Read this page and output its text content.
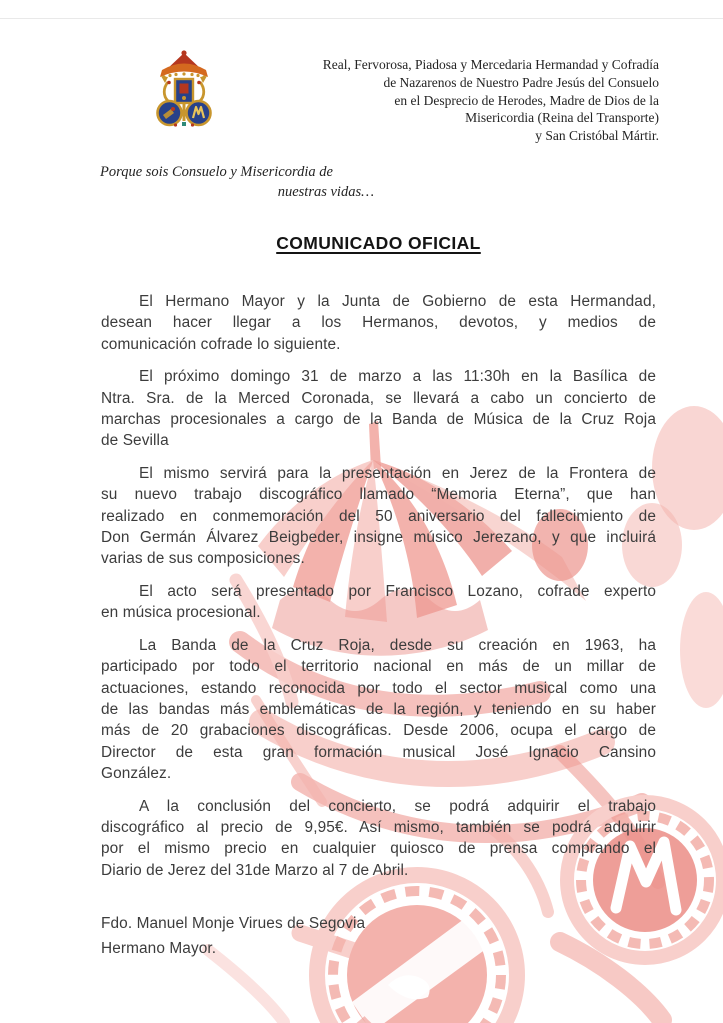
Real, Fervorosa, Piadosa y Mercedaria Hermandad y Cofradía
de Nazarenos de Nuestro Padre Jesús del Consuelo
en el Desprecio de Herodes, Madre de Dios de la
Misericordia (Reina del Transporte)
y San Cristóbal Mártir.
Porque sois Consuelo y Misericordia de
nuestras vidas…
COMUNICADO OFICIAL

El Hermano Mayor y la Junta de Gobierno de esta Hermandad,
desean hacer llegar a los Hermanos, devotos, y medios de
comunicación cofrade lo siguiente.

El próximo domingo 31 de marzo a las 11:30h en la Basílica de
Ntra. Sra. de la Merced Coronada, se llevará a cabo un concierto de
marchas procesionales a cargo de la Banda de Música de la Cruz Roja
de Sevilla

El mismo servirá para la presentación en Jerez de la Frontera de
su nuevo trabajo discográfico llamado “Memoria Eterna”, que han
realizado en conmemoración del 50 aniversario del fallecimiento de
Don Germán Álvarez Beigbeder, insigne músico Jerezano, y que incluirá
varias de sus composiciones.

El acto será presentado por Francisco Lozano, cofrade experto
en música procesional.

La Banda de la Cruz Roja, desde su creación en 1963, ha
participado por todo el territorio nacional en más de un millar de
actuaciones, estando reconocida por todo el sector musical como una
de las bandas más emblemáticas de la región, y teniendo en su haber
más de 20 grabaciones discográficas. Desde 2006, ocupa el cargo de
Director de esta gran formación musical José Ignacio Cansino
González.

A la conclusión del concierto, se podrá adquirir el trabajo
discográfico al precio de 9,95€. Así mismo, también se podrá adquirir
por el mismo precio en cualquier quiosco de prensa comprando el
Diario de Jerez del 31de Marzo al 7 de Abril.

Fdo. Manuel Monje Virues de Segovia
Hermano Mayor.
